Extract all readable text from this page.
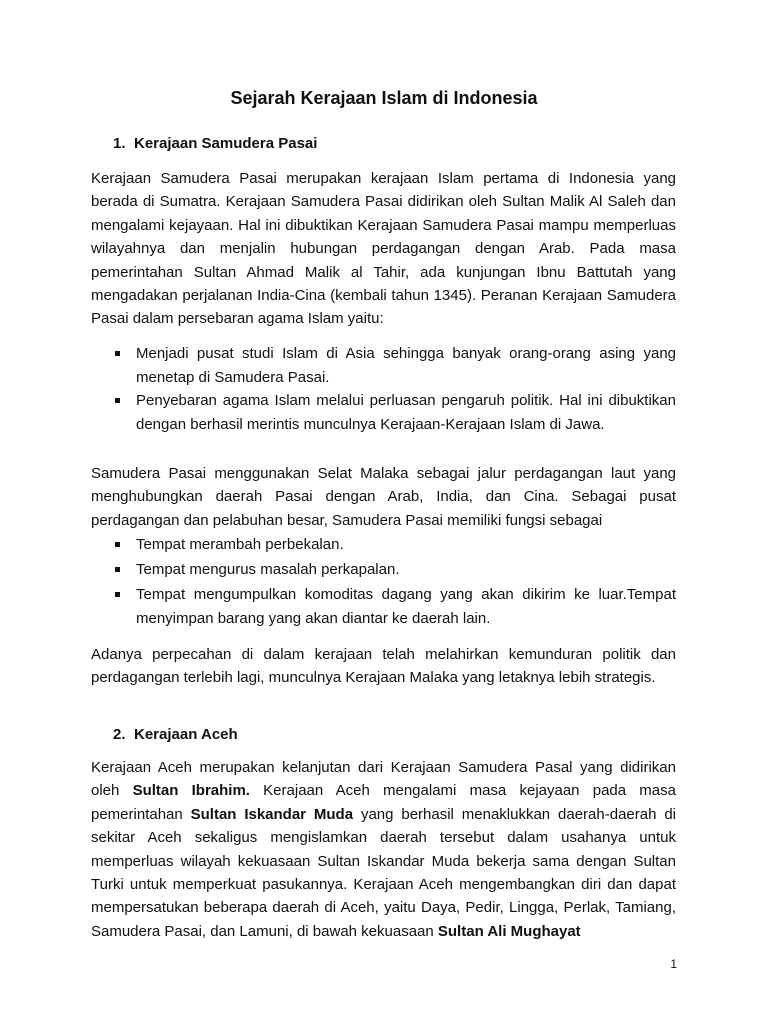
Sejarah Kerajaan Islam di Indonesia
1. Kerajaan Samudera Pasai

Kerajaan Samudera Pasai merupakan kerajaan Islam pertama di Indonesia yang berada di Sumatra. Kerajaan Samudera Pasai didirikan oleh Sultan Malik Al Saleh dan mengalami kejayaan. Hal ini dibuktikan Kerajaan Samudera Pasai mampu memperluas wilayahnya dan menjalin hubungan perdagangan dengan Arab. Pada masa pemerintahan Sultan Ahmad Malik al Tahir, ada kunjungan Ibnu Battutah yang mengadakan perjalanan India-Cina (kembali tahun 1345). Peranan Kerajaan Samudera Pasai dalam persebaran agama Islam yaitu:

Menjadi pusat studi Islam di Asia sehingga banyak orang-orang asing yang menetap di Samudera Pasai.
Penyebaran agama Islam melalui perluasan pengaruh politik. Hal ini dibuktikan dengan berhasil merintis munculnya Kerajaan-Kerajaan Islam di Jawa.

Samudera Pasai menggunakan Selat Malaka sebagai jalur perdagangan laut yang menghubungkan daerah Pasai dengan Arab, India, dan Cina. Sebagai pusat perdagangan dan pelabuhan besar, Samudera Pasai memiliki fungsi sebagai

Tempat merambah perbekalan.
Tempat mengurus masalah perkapalan.
Tempat mengumpulkan komoditas dagang yang akan dikirim ke luar.Tempat menyimpan barang yang akan diantar ke daerah lain.

Adanya perpecahan di dalam kerajaan telah melahirkan kemunduran politik dan perdagangan terlebih lagi, munculnya Kerajaan Malaka yang letaknya lebih strategis.

2. Kerajaan Aceh

Kerajaan Aceh merupakan kelanjutan dari Kerajaan Samudera Pasal yang didirikan oleh Sultan Ibrahim. Kerajaan Aceh mengalami masa kejayaan pada masa pemerintahan Sultan Iskandar Muda yang berhasil menaklukkan daerah-daerah di sekitar Aceh sekaligus mengislamkan daerah tersebut dalam usahanya untuk memperluas wilayah kekuasaan Sultan Iskandar Muda bekerja sama dengan Sultan Turki untuk memperkuat pasukannya. Kerajaan Aceh mengembangkan diri dan dapat mempersatukan beberapa daerah di Aceh, yaitu Daya, Pedir, Lingga, Perlak, Tamiang, Samudera Pasai, dan Lamuni, di bawah kekuasaan Sultan Ali Mughayat

1
